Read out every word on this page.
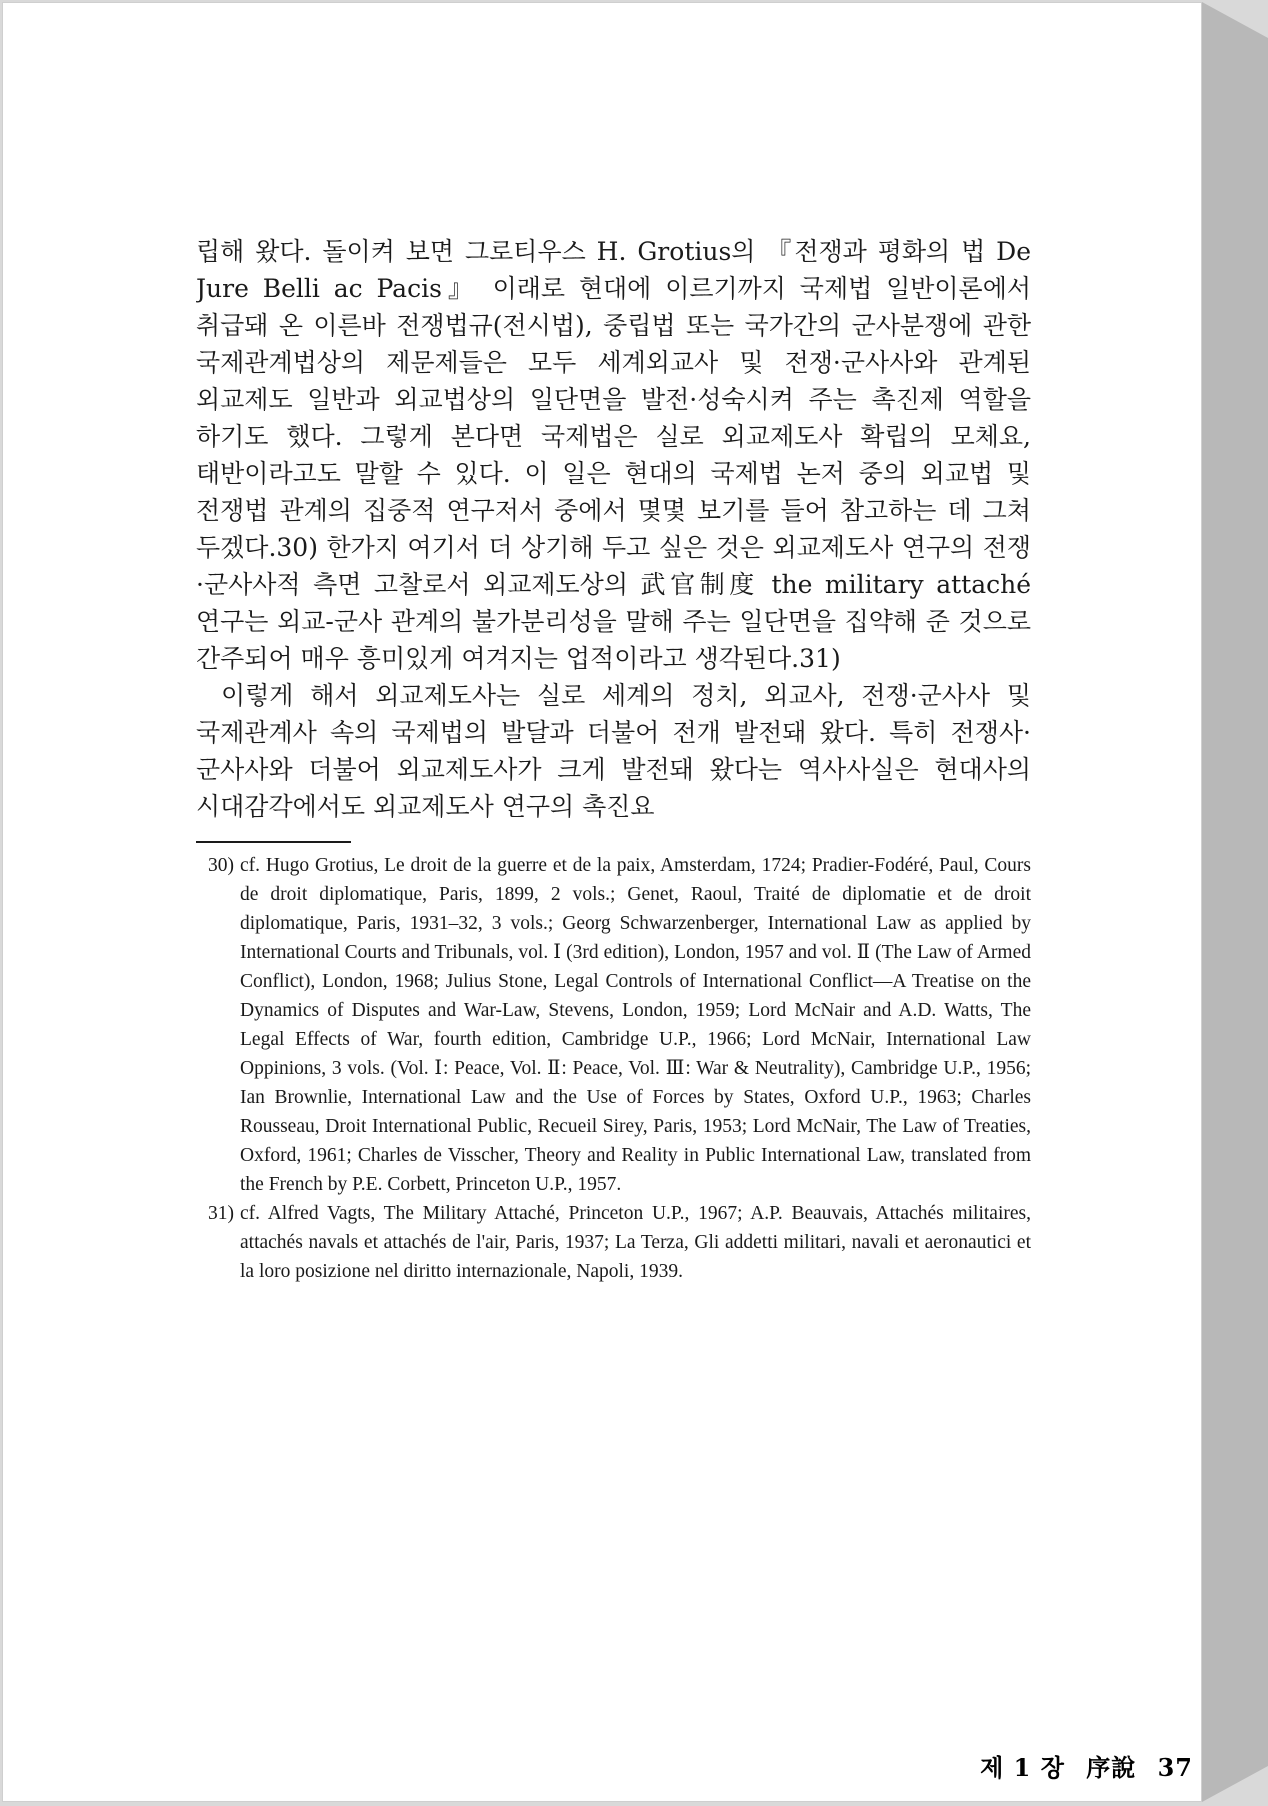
립해 왔다. 돌이켜 보면 그로티우스 H. Grotius의 『전쟁과 평화의 법 De Jure Belli ac Pacis』 이래로 현대에 이르기까지 국제법 일반이론에서 취급돼 온 이른바 전쟁법규(전시법), 중립법 또는 국가간의 군사분쟁에 관한 국제관계법상의 제문제들은 모두 세계외교사 및 전쟁·군사사와 관계된 외교제도 일반과 외교법상의 일단면을 발전·성숙시켜 주는 촉진제 역할을 하기도 했다. 그렇게 본다면 국제법은 실로 외교제도사 확립의 모체요, 태반이라고도 말할 수 있다. 이 일은 현대의 국제법 논저 중의 외교법 및 전쟁법 관계의 집중적 연구저서 중에서 몇몇 보기를 들어 참고하는 데 그쳐 두겠다.30) 한가지 여기서 더 상기해 두고 싶은 것은 외교제도사 연구의 전쟁·군사사적 측면 고찰로서 외교제도상의 武官制度 the military attaché 연구는 외교-군사 관계의 불가분리성을 말해 주는 일단면을 집약해 준 것으로 간주되어 매우 흥미있게 여겨지는 업적이라고 생각된다.31)

이렇게 해서 외교제도사는 실로 세계의 정치, 외교사, 전쟁·군사사 및 국제관계사 속의 국제법의 발달과 더불어 전개 발전돼 왔다. 특히 전쟁사·군사사와 더불어 외교제도사가 크게 발전돼 왔다는 역사사실은 현대사의 시대감각에서도 외교제도사 연구의 촉진요

30) cf. Hugo Grotius, Le droit de la guerre et de la paix, Amsterdam, 1724; Pradier-Fodéré, Paul, Cours de droit diplomatique, Paris, 1899, 2 vols.; Genet, Raoul, Traité de diplomatie et de droit diplomatique, Paris, 1931–32, 3 vols.; Georg Schwarzenberger, International Law as applied by International Courts and Tribunals, vol. Ⅰ (3rd edition), London, 1957 and vol. Ⅱ (The Law of Armed Conflict), London, 1968; Julius Stone, Legal Controls of International Conflict—A Treatise on the Dynamics of Disputes and War-Law, Stevens, London, 1959; Lord McNair and A.D. Watts, The Legal Effects of War, fourth edition, Cambridge U.P., 1966; Lord McNair, International Law Oppinions, 3 vols. (Vol. Ⅰ: Peace, Vol. Ⅱ: Peace, Vol. Ⅲ: War & Neutrality), Cambridge U.P., 1956; Ian Brownlie, International Law and the Use of Forces by States, Oxford U.P., 1963; Charles Rousseau, Droit International Public, Recueil Sirey, Paris, 1953; Lord McNair, The Law of Treaties, Oxford, 1961; Charles de Visscher, Theory and Reality in Public International Law, translated from the French by P.E. Corbett, Princeton U.P., 1957.
31) cf. Alfred Vagts, The Military Attaché, Princeton U.P., 1967; A.P. Beauvais, Attachés militaires, attachés navals et attachés de l'air, Paris, 1937; La Terza, Gli addetti militari, navali et aeronautici et la loro posizione nel diritto internazionale, Napoli, 1939.
제 1 장 序說 37
